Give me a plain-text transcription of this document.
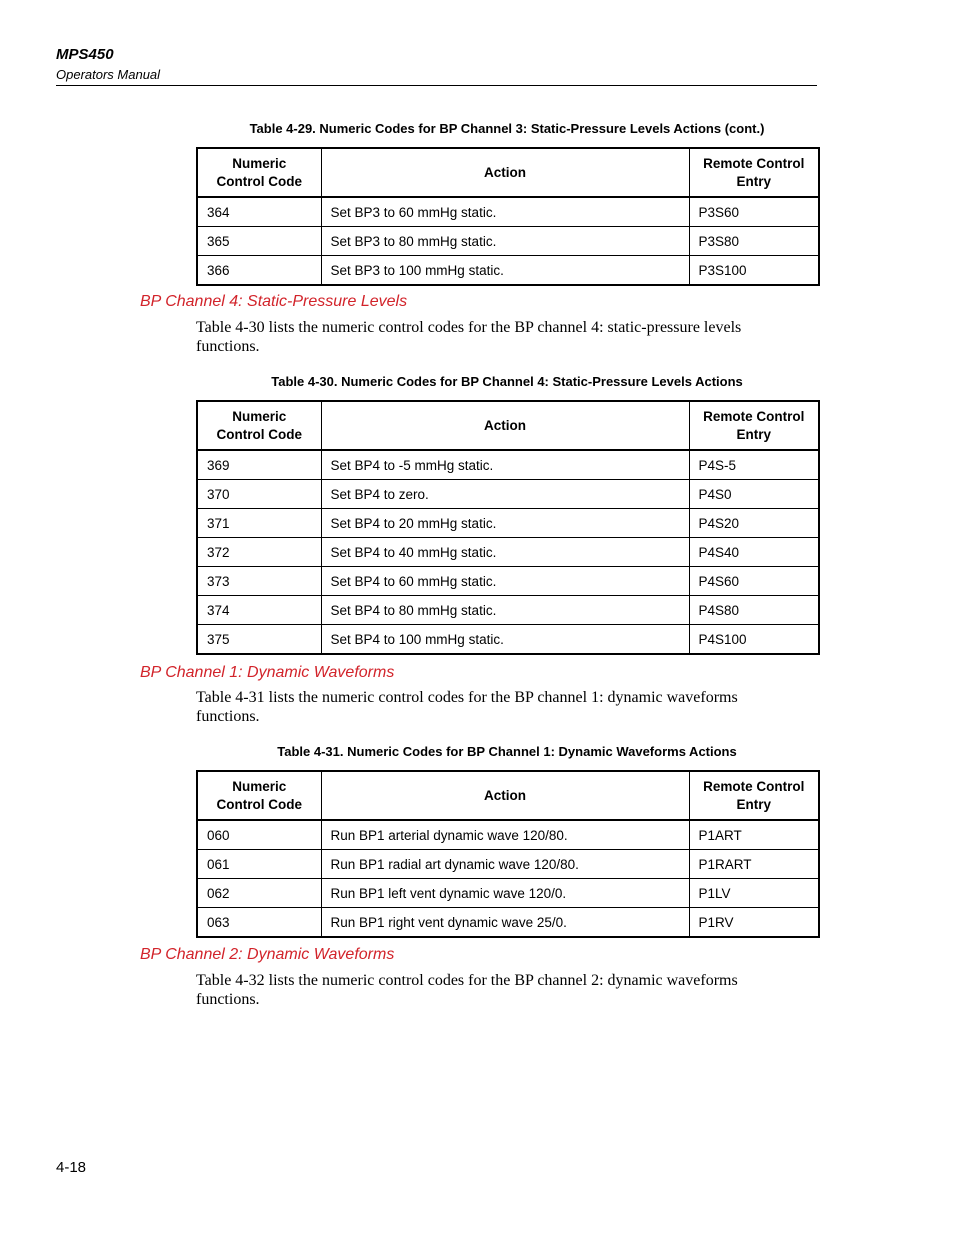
MPS450
Operators Manual
Table 4-29. Numeric Codes for BP Channel 3: Static-Pressure Levels Actions (cont.)
Numeric
Control Code	Action	Remote Control
Entry
364	Set BP3 to 60 mmHg static.	P3S60
365	Set BP3 to 80 mmHg static.	P3S80
366	Set BP3 to 100 mmHg static.	P3S100
BP Channel 4: Static-Pressure Levels
Table 4-30 lists the numeric control codes for the BP channel 4: static-pressure levels functions.
Table 4-30. Numeric Codes for BP Channel 4: Static-Pressure Levels Actions
Numeric
Control Code	Action	Remote Control
Entry
369	Set BP4 to -5 mmHg static.	P4S-5
370	Set BP4 to zero.	P4S0
371	Set BP4 to 20 mmHg static.	P4S20
372	Set BP4 to 40 mmHg static.	P4S40
373	Set BP4 to 60 mmHg static.	P4S60
374	Set BP4 to 80 mmHg static.	P4S80
375	Set BP4 to 100 mmHg static.	P4S100
BP Channel 1: Dynamic Waveforms
Table 4-31 lists the numeric control codes for the BP channel 1: dynamic waveforms functions.
Table 4-31. Numeric Codes for BP Channel 1: Dynamic Waveforms Actions
Numeric
Control Code	Action	Remote Control
Entry
060	Run BP1 arterial dynamic wave 120/80.	P1ART
061	Run BP1 radial art dynamic wave 120/80.	P1RART
062	Run BP1 left vent dynamic wave 120/0.	P1LV
063	Run BP1 right vent dynamic wave 25/0.	P1RV
BP Channel 2: Dynamic Waveforms
Table 4-32 lists the numeric control codes for the BP channel 2: dynamic waveforms functions.
4-18
